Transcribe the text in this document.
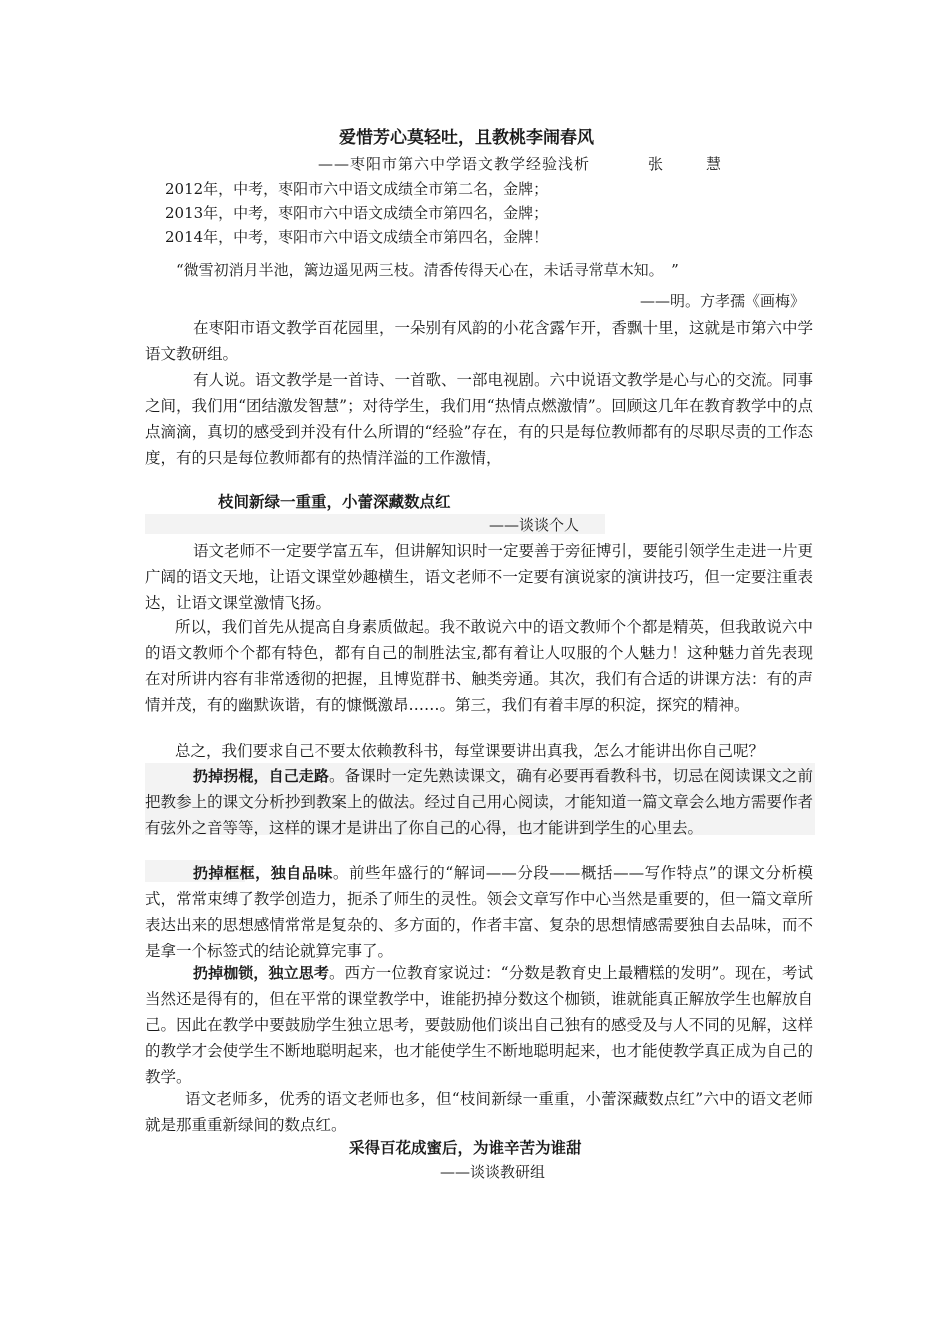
爱惜芳心莫轻吐，且教桃李闹春风
——枣阳市第六中学语文教学经验浅析	张　慧
2012年，中考，枣阳市六中语文成绩全市第二名，金牌；
2013年，中考，枣阳市六中语文成绩全市第四名，金牌；
2014年，中考，枣阳市六中语文成绩全市第四名，金牌！
“微雪初消月半池，篱边遥见两三枝。清香传得天心在，未话寻常草木知。　”
——明。方孝孺《画梅》
在枣阳市语文教学百花园里，一朵别有风韵的小花含露乍开，香飘十里，这就是市第六中学语文教研组。
有人说。语文教学是一首诗、一首歌、一部电视剧。六中说语文教学是心与心的交流。同事之间，我们用“团结激发智慧”；对待学生，我们用“热情点燃激情”。回顾这几年在教育教学中的点点滴滴，真切的感受到并没有什么所谓的“经验”存在，有的只是每位教师都有的尽职尽责的工作态度，有的只是每位教师都有的热情洋溢的工作激情，
枝间新绿一重重，小蕾深藏数点红
——谈谈个人
语文老师不一定要学富五车，但讲解知识时一定要善于旁征博引，要能引领学生走进一片更广阔的语文天地，让语文课堂妙趣横生，语文老师不一定要有演说家的演讲技巧，但一定要注重表达，让语文课堂激情飞扬。
所以，我们首先从提高自身素质做起。我不敢说六中的语文教师个个都是精英，但我敢说六中的语文教师个个都有特色，都有自己的制胜法宝,都有着让人叹服的个人魅力！这种魅力首先表现在对所讲内容有非常透彻的把握，且博览群书、触类旁通。其次，我们有合适的讲课方法：有的声情并茂，有的幽默诙谐，有的慷慨激昂……。第三，我们有着丰厚的积淀，探究的精神。
总之，我们要求自己不要太依赖教科书，每堂课要讲出真我，怎么才能讲出你自己呢？
扔掉拐棍，自己走路。备课时一定先熟读课文，确有必要再看教科书，切忌在阅读课文之前把教参上的课文分析抄到教案上的做法。经过自己用心阅读，才能知道一篇文章会么地方需要作者有弦外之音等等，这样的课才是讲出了你自己的心得，也才能讲到学生的心里去。
扔掉框框，独自品味。前些年盛行的“解词——分段——概括——写作特点”的课文分析模式，常常束缚了教学创造力，扼杀了师生的灵性。领会文章写作中心当然是重要的，但一篇文章所表达出来的思想感情常常是复杂的、多方面的，作者丰富、复杂的思想情感需要独自去品味，而不是拿一个标签式的结论就算完事了。
扔掉枷锁，独立思考。西方一位教育家说过：“分数是教育史上最糟糕的发明”。现在，考试当然还是得有的，但在平常的课堂教学中，谁能扔掉分数这个枷锁，谁就能真正解放学生也解放自己。因此在教学中要鼓励学生独立思考，要鼓励他们谈出自己独有的感受及与人不同的见解，这样的教学才会使学生不断地聪明起来，也才能使学生不断地聪明起来，也才能使教学真正成为自己的教学。
语文老师多，优秀的语文老师也多，但“枝间新绿一重重，小蕾深藏数点红”六中的语文老师就是那重重新绿间的数点红。
采得百花成蜜后，为谁辛苦为谁甜
——谈谈教研组
